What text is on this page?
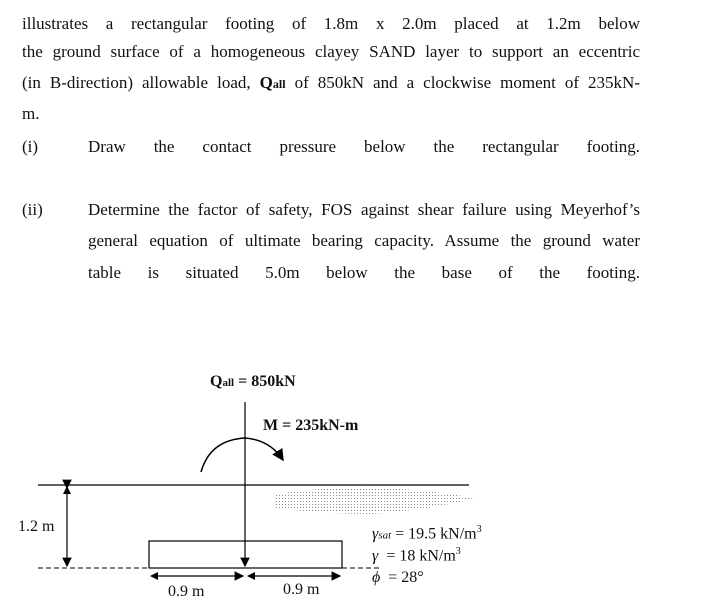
illustrates a rectangular footing of 1.8m x 2.0m placed at 1.2m below
the ground surface of a homogeneous clayey SAND layer to support an eccentric
(in B-direction) allowable load, Qall of 850kN and a clockwise moment of 235kN-
m.
(i)	Draw the contact pressure below the rectangular footing.
(ii)	Determine the factor of safety, FOS against shear failure using Meyerhof’s
general equation of ultimate bearing capacity. Assume the ground water
table is situated 5.0m below the base of the footing.
Qall = 850kN
M = 235kN-m
1.2 m
0.9 m	0.9 m
γsat = 19.5 $kN/m^3$
γ  = 18 $kN/m^3$
ϕ  = 28°
